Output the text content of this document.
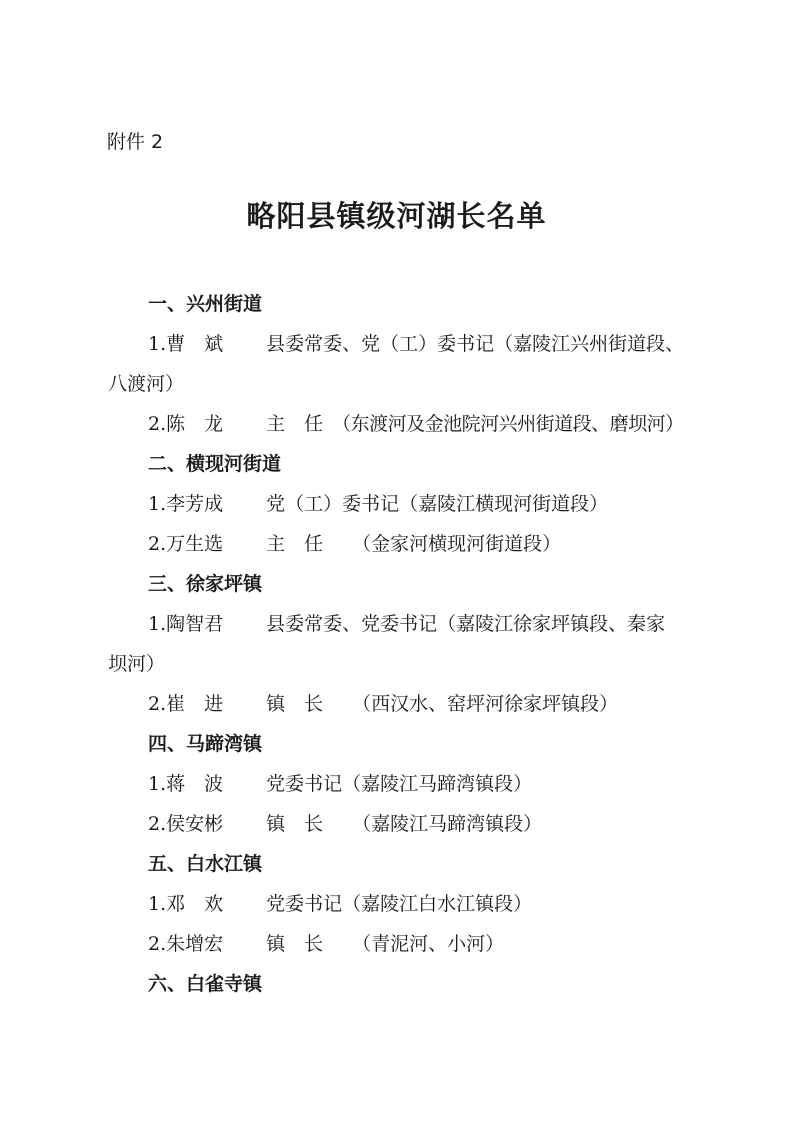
附件 2
略阳县镇级河湖长名单
一、兴州街道
1.曹　斌 县委常委、党（工）委书记（嘉陵江兴州街道段、
八渡河）
2.陈　龙 主　任 （东渡河及金池院河兴州街道段、磨坝河）
二、横现河街道
1.李芳成 党（工）委书记（嘉陵江横现河街道段）
2.万生选 主　任 （金家河横现河街道段）
三、徐家坪镇
1.陶智君 县委常委、党委书记（嘉陵江徐家坪镇段、秦家
坝河）
2.崔　进 镇　长 （西汉水、窑坪河徐家坪镇段）
四、马蹄湾镇
1.蒋　波 党委书记（嘉陵江马蹄湾镇段）
2.侯安彬 镇　长 （嘉陵江马蹄湾镇段）
五、白水江镇
1.邓　欢 党委书记（嘉陵江白水江镇段）
2.朱增宏 镇　长 （青泥河、小河）
六、白雀寺镇
